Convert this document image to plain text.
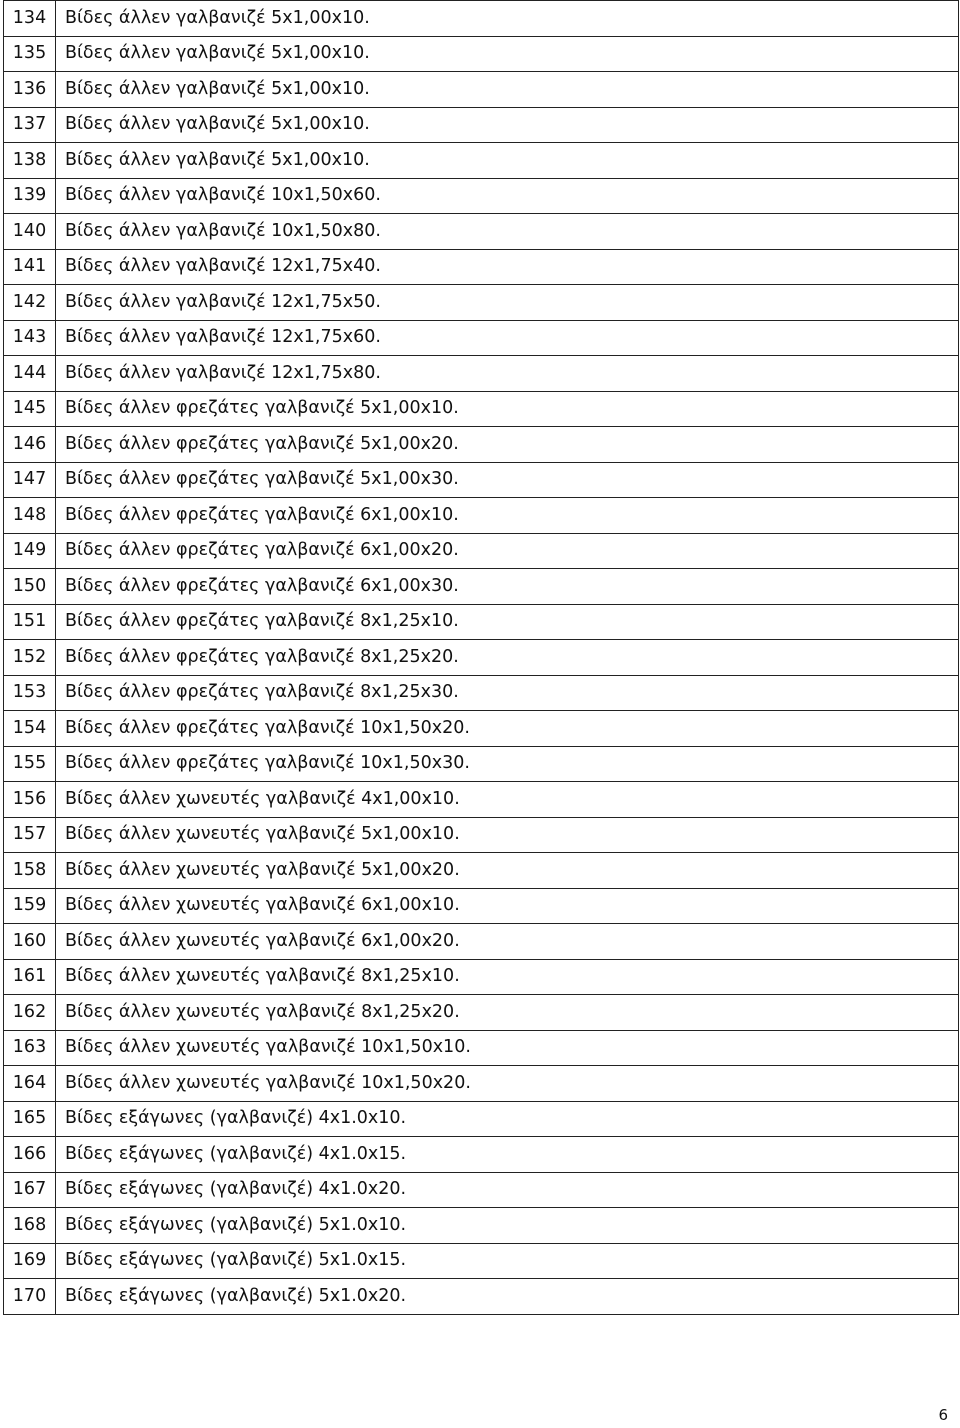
134	Βίδες άλλεν γαλβανιζέ 5x1,00x10.
135	Βίδες άλλεν γαλβανιζέ 5x1,00x10.
136	Βίδες άλλεν γαλβανιζέ 5x1,00x10.
137	Βίδες άλλεν γαλβανιζέ 5x1,00x10.
138	Βίδες άλλεν γαλβανιζέ 5x1,00x10.
139	Βίδες άλλεν γαλβανιζέ 10x1,50x60.
140	Βίδες άλλεν γαλβανιζέ 10x1,50x80.
141	Βίδες άλλεν γαλβανιζέ 12x1,75x40.
142	Βίδες άλλεν γαλβανιζέ 12x1,75x50.
143	Βίδες άλλεν γαλβανιζέ 12x1,75x60.
144	Βίδες άλλεν γαλβανιζέ 12x1,75x80.
145	Βίδες άλλεν φρεζάτες γαλβανιζέ 5x1,00x10.
146	Βίδες άλλεν φρεζάτες γαλβανιζέ 5x1,00x20.
147	Βίδες άλλεν φρεζάτες γαλβανιζέ 5x1,00x30.
148	Βίδες άλλεν φρεζάτες γαλβανιζέ 6x1,00x10.
149	Βίδες άλλεν φρεζάτες γαλβανιζέ 6x1,00x20.
150	Βίδες άλλεν φρεζάτες γαλβανιζέ 6x1,00x30.
151	Βίδες άλλεν φρεζάτες γαλβανιζέ 8x1,25x10.
152	Βίδες άλλεν φρεζάτες γαλβανιζέ 8x1,25x20.
153	Βίδες άλλεν φρεζάτες γαλβανιζέ 8x1,25x30.
154	Βίδες άλλεν φρεζάτες γαλβανιζέ 10x1,50x20.
155	Βίδες άλλεν φρεζάτες γαλβανιζέ 10x1,50x30.
156	Βίδες άλλεν χωνευτές γαλβανιζέ 4x1,00x10.
157	Βίδες άλλεν χωνευτές γαλβανιζέ 5x1,00x10.
158	Βίδες άλλεν χωνευτές γαλβανιζέ 5x1,00x20.
159	Βίδες άλλεν χωνευτές γαλβανιζέ 6x1,00x10.
160	Βίδες άλλεν χωνευτές γαλβανιζέ 6x1,00x20.
161	Βίδες άλλεν χωνευτές γαλβανιζέ 8x1,25x10.
162	Βίδες άλλεν χωνευτές γαλβανιζέ 8x1,25x20.
163	Βίδες άλλεν χωνευτές γαλβανιζέ 10x1,50x10.
164	Βίδες άλλεν χωνευτές γαλβανιζέ 10x1,50x20.
165	Βίδες εξάγωνες (γαλβανιζέ) 4x1.0x10.
166	Βίδες εξάγωνες (γαλβανιζέ) 4x1.0x15.
167	Βίδες εξάγωνες (γαλβανιζέ) 4x1.0x20.
168	Βίδες εξάγωνες (γαλβανιζέ) 5x1.0x10.
169	Βίδες εξάγωνες (γαλβανιζέ) 5x1.0x15.
170	Βίδες εξάγωνες (γαλβανιζέ) 5x1.0x20.
6
